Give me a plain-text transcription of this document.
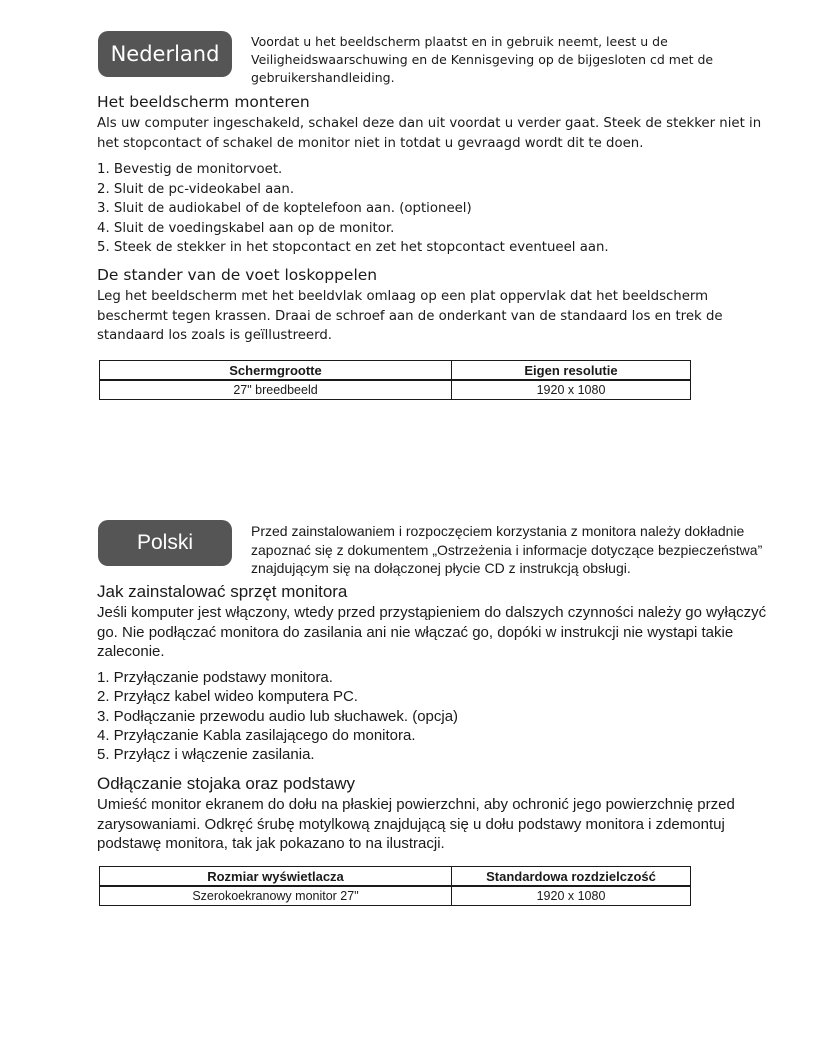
Nederland
Voordat u het beeldscherm plaatst en in gebruik neemt, leest u de Veiligheidswaarschuwing en de Kennisgeving op de bijgesloten cd met de gebruikershandleiding.
Het beeldscherm monteren
Als uw computer ingeschakeld, schakel deze dan uit voordat u verder gaat. Steek de stekker niet in het stopcontact of schakel de monitor niet in totdat u gevraagd wordt dit te doen.
1. Bevestig de monitorvoet.
2. Sluit de pc-videokabel aan.
3. Sluit de audiokabel of de koptelefoon aan. (optioneel)
4. Sluit de voedingskabel aan op de monitor.
5. Steek de stekker in het stopcontact en zet het stopcontact eventueel aan.
De stander van de voet loskoppelen
Leg het beeldscherm met het beeldvlak omlaag op een plat oppervlak dat het beeldscherm beschermt tegen krassen. Draai de schroef aan de onderkant van de standaard los en trek de standaard los zoals is geïllustreerd.
Schermgrootte	Eigen resolutie
27" breedbeeld	1920 x 1080
Polski	Przed zainstalowaniem i rozpoczęciem korzystania z monitora należy dokładnie zapoznać się z dokumentem „Ostrzeżenia i informacje dotyczące bezpieczeństwa” znajdującym się na dołączonej płycie CD z instrukcją obsługi.
Jak zainstalować sprzęt monitora
Jeśli komputer jest włączony, wtedy przed przystąpieniem do dalszych czynności należy go wyłączyć go. Nie podłączać monitora do zasilania ani nie włączać go, dopóki w instrukcji nie wystapi takie zaleconie.
1. Przyłączanie podstawy monitora.
2. Przyłącz kabel wideo komputera PC.
3. Podłączanie przewodu audio lub słuchawek. (opcja)
4. Przyłączanie Kabla zasilającego do monitora.
5. Przyłącz i włączenie zasilania.
Odłączanie stojaka oraz podstawy
Umieść monitor ekranem do dołu na płaskiej powierzchni, aby ochronić jego powierzchnię przed zarysowaniami. Odkręć śrubę motylkową znajdującą się u dołu podstawy monitora i zdemontuj podstawę monitora, tak jak pokazano to na ilustracji.
Rozmiar wyświetlacza	Standardowa rozdzielczość
Szerokoekranowy monitor 27"	1920 x 1080
